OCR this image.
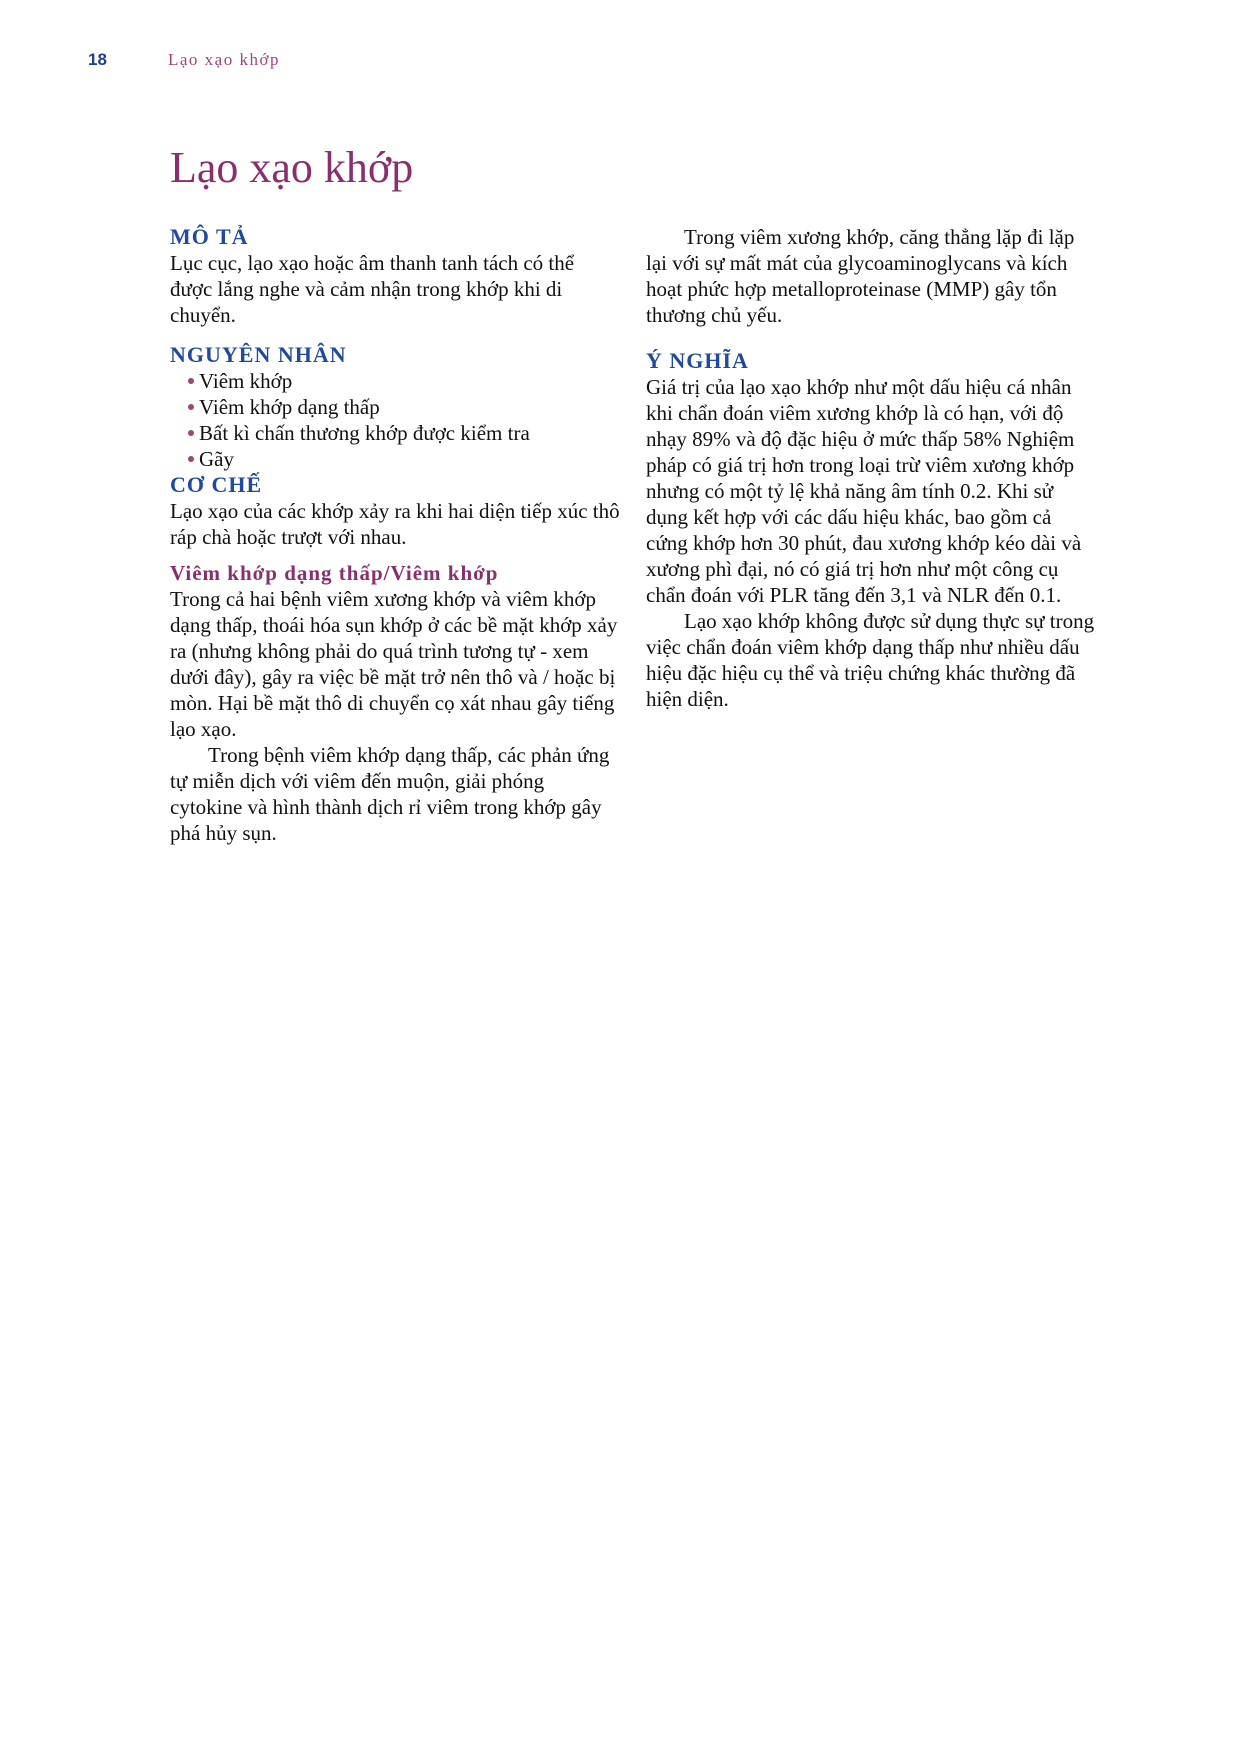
18	Lạo xạo khớp
Lạo xạo khớp
MÔ TẢ

Lục cục, lạo xạo hoặc âm thanh tanh tách có thể được lắng nghe và cảm nhận trong khớp khi di chuyển.

NGUYÊN NHÂN
Viêm khớp
Viêm khớp dạng thấp
Bất kì chấn thương khớp được kiểm tra
Gãy
CƠ CHẾ

Lạo xạo của các khớp xảy ra khi hai diện tiếp xúc thô ráp chà hoặc trượt với nhau.

Viêm khớp dạng thấp/Viêm khớp

Trong cả hai bệnh viêm xương khớp và viêm khớp dạng thấp, thoái hóa sụn khớp ở các bề mặt khớp xảy ra (nhưng không phải do quá trình tương tự - xem dưới đây), gây ra việc bề mặt trở nên thô và / hoặc bị mòn. Hại bề mặt thô di chuyển cọ xát nhau gây tiếng lạo xạo.

Trong bệnh viêm khớp dạng thấp, các phản ứng tự miễn dịch với viêm đến muộn, giải phóng cytokine và hình thành dịch rỉ viêm trong khớp gây phá hủy sụn.

Trong viêm xương khớp, căng thẳng lặp đi lặp lại với sự mất mát của glycoaminoglycans và kích hoạt phức hợp metalloproteinase (MMP) gây tổn thương chủ yếu.

Ý NGHĨA

Giá trị của lạo xạo khớp như một dấu hiệu cá nhân khi chẩn đoán viêm xương khớp là có hạn, với độ nhạy 89% và độ đặc hiệu ở mức thấp 58% Nghiệm pháp có giá trị hơn trong loại trừ viêm xương khớp nhưng có một tỷ lệ khả năng âm tính 0.2. Khi sử dụng kết hợp với các dấu hiệu khác, bao gồm cả cứng khớp hơn 30 phút, đau xương khớp kéo dài và xương phì đại, nó có giá trị hơn như một công cụ chẩn đoán với PLR tăng đến 3,1 và NLR đến 0.1.

Lạo xạo khớp không được sử dụng thực sự trong việc chẩn đoán viêm khớp dạng thấp như nhiều dấu hiệu đặc hiệu cụ thể và triệu chứng khác thường đã hiện diện.
